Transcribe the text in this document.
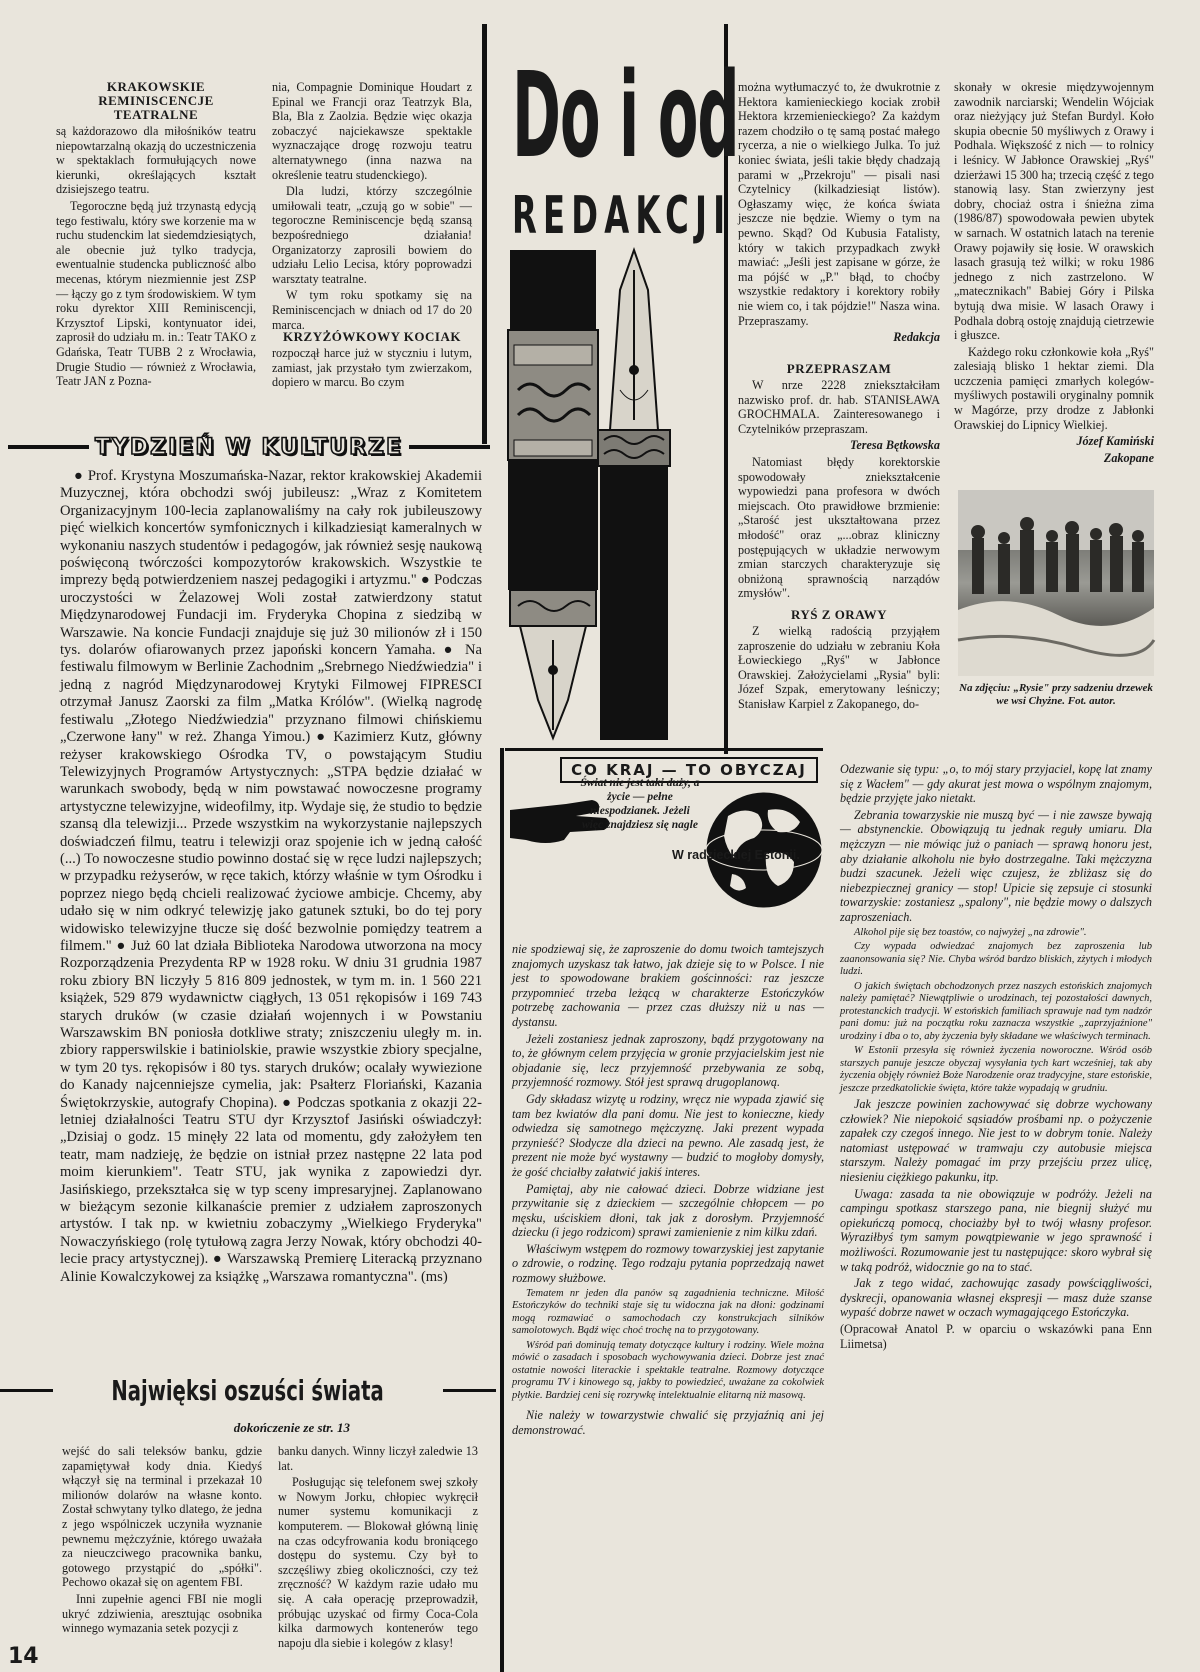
KRAKOWSKIE REMINISCENCJE TEATRALNE

są każdorazowo dla miłośników teatru niepowtarzalną okazją do uczestniczenia w spektaklach formułujących nowe kierunki, określających kształt dzisiejszego teatru.

Tegoroczne będą już trzynastą edycją tego festiwalu, który swe korzenie ma w ruchu studenckim lat siedemdziesiątych, ale obecnie już tylko tradycja, ewentualnie studencka publiczność albo mecenas, którym niezmiennie jest ZSP — łączy go z tym środowiskiem. W tym roku dyrektor XIII Reminiscencji, Krzysztof Lipski, kontynuator idei, zaprosił do udziału m. in.: Teatr TAKO z Gdańska, Teatr TUBB 2 z Wrocławia, Drugie Studio — również z Wrocławia, Teatr JAN z Pozna-

nia, Compagnie Dominique Houdart z Epinal we Francji oraz Teatrzyk Bla, Bla, Bla z Zaolzia. Będzie więc okazja zobaczyć najciekawsze spektakle wyznaczające drogę rozwoju teatru alternatywnego (inna nazwa na określenie teatru studenckiego).

Dla ludzi, którzy szczególnie umiłowali teatr, „czują go w sobie" — tegoroczne Reminiscencje będą szansą bezpośredniego działania! Organizatorzy zaprosili bowiem do udziału Lelio Lecisa, który poprowadzi warsztaty teatralne.

W tym roku spotkamy się na Reminiscencjach w dniach od 17 do 20 marca.

KRZYŻÓWKOWY KOCIAK

rozpoczął harce już w styczniu i lutym, zamiast, jak przystało tym zwierzakom, dopiero w marcu. Bo czym

Do i od
REDAKCJI

można wytłumaczyć to, że dwukrotnie z Hektora kamienieckiego kociak zrobił Hektora krzemienieckiego? Za każdym razem chodziło o tę samą postać małego rycerza, a nie o wielkiego Julka. To już koniec świata, jeśli takie błędy chadzają parami w „Przekroju" — pisali nasi Czytelnicy (kilkadziesiąt listów). Ogłaszamy więc, że końca świata jeszcze nie będzie. Wiemy o tym na pewno. Skąd? Od Kubusia Fatalisty, który w takich przypadkach zwykł mawiać: „Jeśli jest zapisane w górze, że ma pójść w „P." błąd, to choćby wszystkie redaktory i korektory robiły nie wiem co, i tak pójdzie!" Nasza wina. Przepraszamy.

Redakcja

PRZEPRASZAM

W nrze 2228 zniekształciłam nazwisko prof. dr. hab. STANISŁAWA GROCHMALA. Zainteresowanego i Czytelników przepraszam.

Teresa Bętkowska

Natomiast błędy korektorskie spowodowały zniekształcenie wypowiedzi pana profesora w dwóch miejscach. Oto prawidłowe brzmienie: „Starość jest ukształtowana przez młodość" oraz „...obraz kliniczny postępujących w układzie nerwowym zmian starczych charakteryzuje się obniżoną sprawnością narządów zmysłów".

RYŚ Z ORAWY

Z wielką radością przyjąłem zaproszenie do udziału w zebraniu Koła Łowieckiego „Ryś" w Jabłonce Orawskiej. Założycielami „Rysia" byli: Józef Szpak, emerytowany leśniczy; Stanisław Karpiel z Zakopanego, do-

skonały w okresie międzywojennym zawodnik narciarski; Wendelin Wójciak oraz nieżyjący już Stefan Burdyl. Koło skupia obecnie 50 myśliwych z Orawy i Podhala. Większość z nich — to rolnicy i leśnicy. W Jabłonce Orawskiej „Ryś" dzierżawi 15 300 ha; trzecią część z tego stanowią lasy. Stan zwierzyny jest dobry, chociaż ostra i śnieżna zima (1986/87) spowodowała pewien ubytek w sarnach. W ostatnich latach na terenie Orawy pojawiły się łosie. W orawskich lasach grasują też wilki; w roku 1986 jednego z nich zastrzelono. W „matecznikach" Babiej Góry i Pilska bytują dwa misie. W lasach Orawy i Podhala dobrą ostoję znajdują cietrzewie i głuszce.

Każdego roku członkowie koła „Ryś" zalesiają blisko 1 hektar ziemi. Dla uczczenia pamięci zmarłych kolegów-myśliwych postawili oryginalny pomnik w Magórze, przy drodze z Jabłonki Orawskiej do Lipnicy Wielkiej.

Józef Kamiński

Zakopane

Na zdjęciu: „Rysie" przy sadzeniu drzewek we wsi Chyżne. Fot. autor.
TYDZIEŃ W KULTURZE

● Prof. Krystyna Moszumańska-Nazar, rektor krakowskiej Akademii Muzycznej, która obchodzi swój jubileusz: „Wraz z Komitetem Organizacyjnym 100-lecia zaplanowaliśmy na cały rok jubileuszowy pięć wielkich koncertów symfonicznych i kilkadziesiąt kameralnych w wykonaniu naszych studentów i pedagogów, jak również sesję naukową poświęconą twórczości kompozytorów krakowskich. Wszystkie te imprezy będą potwierdzeniem naszej pedagogiki i artyzmu." ● Podczas uroczystości w Żelazowej Woli został zatwierdzony statut Międzynarodowej Fundacji im. Fryderyka Chopina z siedzibą w Warszawie. Na koncie Fundacji znajduje się już 30 milionów zł i 150 tys. dolarów ofiarowanych przez japoński koncern Yamaha. ● Na festiwalu filmowym w Berlinie Zachodnim „Srebrnego Niedźwiedzia" i jedną z nagród Międzynarodowej Krytyki Filmowej FIPRESCI otrzymał Janusz Zaorski za film „Matka Królów". (Wielką nagrodę festiwalu „Złotego Niedźwiedzia" przyznano filmowi chińskiemu „Czerwone łany" w reż. Zhanga Yimou.) ● Kazimierz Kutz, główny reżyser krakowskiego Ośrodka TV, o powstającym Studiu Telewizyjnych Programów Artystycznych: „STPA będzie działać w warunkach swobody, będą w nim powstawać nowoczesne programy artystyczne telewizyjne, wideofilmy, itp. Wydaje się, że studio to będzie szansą dla telewizji... Przede wszystkim na wykorzystanie najlepszych doświadczeń filmu, teatru i telewizji oraz spojenie ich w jedną całość (...) To nowoczesne studio powinno dostać się w ręce ludzi najlepszych; w przypadku reżyserów, w ręce takich, którzy właśnie w tym Ośrodku i poprzez niego będą chcieli realizować życiowe ambicje. Chcemy, aby udało się w nim odkryć telewizję jako gatunek sztuki, bo do tej pory widowisko telewizyjne tłucze się dość bezwolnie pomiędzy teatrem a filmem." ● Już 60 lat działa Biblioteka Narodowa utworzona na mocy Rozporządzenia Prezydenta RP w 1928 roku. W dniu 31 grudnia 1987 roku zbiory BN liczyły 5 816 809 jednostek, w tym m. in. 1 560 221 książek, 529 879 wydawnictw ciągłych, 13 051 rękopisów i 169 743 starych druków (w czasie działań wojennych i w Powstaniu Warszawskim BN poniosła dotkliwe straty; zniszczeniu uległy m. in. zbiory rapperswilskie i batiniolskie, prawie wszystkie zbiory specjalne, w tym 20 tys. rękopisów i 80 tys. starych druków; ocalały wywiezione do Kanady najcenniejsze cymelia, jak: Psałterz Floriański, Kazania Świętokrzyskie, autografy Chopina). ● Podczas spotkania z okazji 22-letniej działalności Teatru STU dyr Krzysztof Jasiński oświadczył: „Dzisiaj o godz. 15 minęły 22 lata od momentu, gdy założyłem ten teatr, mam nadzieję, że będzie on istniał przez następne 22 lata pod moim kierunkiem". Teatr STU, jak wynika z zapowiedzi dyr. Jasińskiego, przekształca się w typ sceny impresaryjnej. Zaplanowano w bieżącym sezonie kilkanaście premier z udziałem zaproszonych artystów. I tak np. w kwietniu zobaczymy „Wielkiego Fryderyka" Nowaczyńskiego (rolę tytułową zagra Jerzy Nowak, który obchodzi 40-lecie pracy artystycznej). ● Warszawską Premierę Literacką przyznano Alinie Kowalczykowej za książkę „Warszawa romantyczna". (ms)

Najwięksi oszuści świata
dokończenie ze str. 13

wejść do sali teleksów banku, gdzie zapamiętywał kody dnia. Kiedyś włączył się na terminal i przekazał 10 milionów dolarów na własne konto. Został schwytany tylko dlatego, że jedna z jego wspólniczek uczyniła wyznanie pewnemu mężczyźnie, którego uważała za nieuczciwego pracownika banku, gotowego przystąpić do „spółki". Pechowo okazał się on agentem FBI.

Inni zupełnie agenci FBI nie mogli ukryć zdziwienia, aresztując osobnika winnego wymazania setek pozycji z

banku danych. Winny liczył zaledwie 13 lat.

Posługując się telefonem swej szkoły w Nowym Jorku, chłopiec wykręcił numer systemu komunikacji z komputerem. — Blokował główną linię na czas odcyfrowania kodu broniącego dostępu do systemu. Czy był to szczęśliwy zbieg okoliczności, czy też zręczność? W każdym razie udało mu się. A cała operację przeprowadził, próbując uzyskać od firmy Coca-Cola kilka darmowych kontenerów tego napoju dla siebie i kolegów z klasy!

14
CO KRAJ — TO OBYCZAJ

Świat nie jest taki duży, a życie — pełne niespodzianek. Jeżeli więc znajdziesz się nagle

W radzieckiej Estonii.

nie spodziewaj się, że zaproszenie do domu twoich tamtejszych znajomych uzyskasz tak łatwo, jak dzieje się to w Polsce. I nie jest to spowodowane brakiem gościnności: raz jeszcze przypomnieć trzeba leżącą w charakterze Estończyków potrzebę zachowania — przez czas dłuższy niż u nas — dystansu.

Jeżeli zostaniesz jednak zaproszony, bądź przygotowany na to, że głównym celem przyjęcia w gronie przyjacielskim jest nie objadanie się, lecz przyjemność przebywania ze sobą, przyjemność rozmowy. Stół jest sprawą drugoplanową.

Gdy składasz wizytę u rodziny, wręcz nie wypada zjawić się tam bez kwiatów dla pani domu. Nie jest to konieczne, kiedy odwiedza się samotnego mężczyznę. Jaki prezent wypada przynieść? Słodycze dla dzieci na pewno. Ale zasadą jest, że prezent nie może być wystawny — budzić to mogłoby domysły, że gość chciałby załatwić jakiś interes.

Pamiętaj, aby nie całować dzieci. Dobrze widziane jest przywitanie się z dzieckiem — szczególnie chłopcem — po męsku, uściskiem dłoni, tak jak z dorosłym. Przyjemność dziecku (i jego rodzicom) sprawi zamienienie z nim kilku zdań.

Właściwym wstępem do rozmowy towarzyskiej jest zapytanie o zdrowie, o rodzinę. Tego rodzaju pytania poprzedzają nawet rozmowy służbowe.

Tematem nr jeden dla panów są zagadnienia techniczne. Miłość Estończyków do techniki staje się tu widoczna jak na dłoni: godzinami mogą rozmawiać o samochodach czy konstrukcjach silników samolotowych. Bądź więc choć trochę na to przygotowany.

Wśród pań dominują tematy dotyczące kultury i rodziny. Wiele można mówić o zasadach i sposobach wychowywania dzieci. Dobrze jest znać ostatnie nowości literackie i spektakle teatralne. Rozmowy dotyczące programu TV i kinowego są, jakby to powiedzieć, uważane za cokolwiek płytkie. Bardziej ceni się rozrywkę intelektualnie elitarną niż masową.

Nie należy w towarzystwie chwalić się przyjaźnią ani jej demonstrować.

Odezwanie się typu: „o, to mój stary przyjaciel, kopę lat znamy się z Wacłem" — gdy akurat jest mowa o wspólnym znajomym, będzie przyjęte jako nietakt.

Zebrania towarzyskie nie muszą być — i nie zawsze bywają — abstynenckie. Obowiązują tu jednak reguły umiaru. Dla mężczyzn — nie mówiąc już o paniach — sprawą honoru jest, aby działanie alkoholu nie było dostrzegalne. Taki mężczyzna budzi szacunek. Jeżeli więc czujesz, że zbliżasz się do niebezpiecznej granicy — stop! Upicie się zepsuje ci stosunki towarzyskie: zostaniesz „spalony", nie będzie mowy o dalszych zaproszeniach.

Alkohol pije się bez toastów, co najwyżej „na zdrowie".

Czy wypada odwiedzać znajomych bez zaproszenia lub zaanonsowania się? Nie. Chyba wśród bardzo bliskich, zżytych i młodych ludzi.

O jakich świętach obchodzonych przez naszych estońskich znajomych należy pamiętać? Niewątpliwie o urodzinach, tej pozostałości dawnych, protestanckich tradycji. W estońskich familiach sprawuje nad tym nadzór pani domu: już na początku roku zaznacza wszystkie „zaprzyjaźnione" urodziny i dba o to, aby życzenia były składane we właściwych terminach.

W Estonii przesyła się również życzenia noworoczne. Wśród osób starszych panuje jeszcze obyczaj wysyłania tych kart wcześniej, tak aby życzenia objęły również Boże Narodzenie oraz tradycyjne, stare estońskie, jeszcze przedkatolickie święta, które także wypadają w grudniu.

Jak jeszcze powinien zachowywać się dobrze wychowany człowiek? Nie niepokoić sąsiadów prośbami np. o pożyczenie zapałek czy czegoś innego. Nie jest to w dobrym tonie. Należy natomiast ustępować w tramwaju czy autobusie miejsca starszym. Należy pomagać im przy przejściu przez ulicę, niesieniu ciężkiego pakunku, itp.

Uwaga: zasada ta nie obowiązuje w podróży. Jeżeli na campingu spotkasz starszego pana, nie biegnij służyć mu opiekuńczą pomocą, chociażby był to twój własny profesor. Wyraziłbyś tym samym powątpiewanie w jego sprawność i możliwości. Rozumowanie jest tu następujące: skoro wybrał się w taką podróż, widocznie go na to stać.

Jak z tego widać, zachowując zasady powściągliwości, dyskrecji, opanowania własnej ekspresji — masz duże szanse wypaść dobrze nawet w oczach wymagającego Estończyka.

(Opracował Anatol P. w oparciu o wskazówki pana Enn Liimetsa)
